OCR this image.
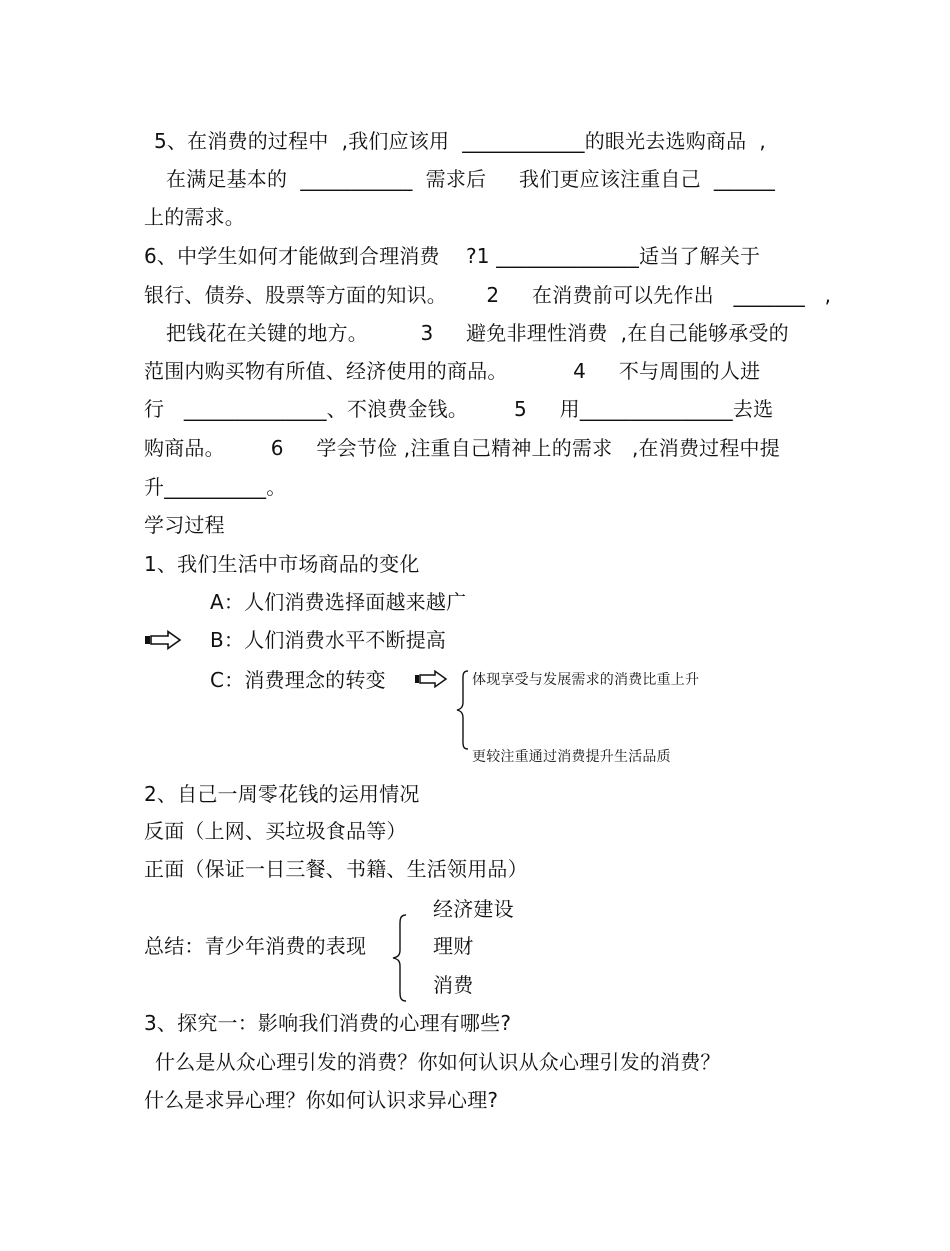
5、在消费的过程中  ,我们应该用  ____________的眼光去选购商品  ,
在满足基本的  ___________  需求后     我们更应该注重自己  ______
上的需求。
6、中学生如何才能做到合理消费    ?1 ______________适当了解关于
银行、债券、股票等方面的知识。      2     在消费前可以先作出   _______   ,
把钱花在关键的地方。        3     避免非理性消费  ,在自己能够承受的
范围内购买物有所值、经济使用的商品。          4     不与周围的人进
行   ______________、不浪费金钱。       5     用_______________去选
购商品。       6     学会节俭 ,注重自己精神上的需求   ,在消费过程中提
升__________。
学习过程
1、我们生活中市场商品的变化
A：人们消费选择面越来越广
B：人们消费水平不断提高
C：消费理念的转变	体现享受与发展需求的消费比重上升
更较注重通过消费提升生活品质
2、自己一周零花钱的运用情况
反面（上网、买垃圾食品等）
正面（保证一日三餐、书籍、生活领用品）
总结：青少年消费的表现
经济建设
理财
消费
3、探究一：影响我们消费的心理有哪些?
什么是从众心理引发的消费？你如何认识从众心理引发的消费？
什么是求异心理？你如何认识求异心理?
